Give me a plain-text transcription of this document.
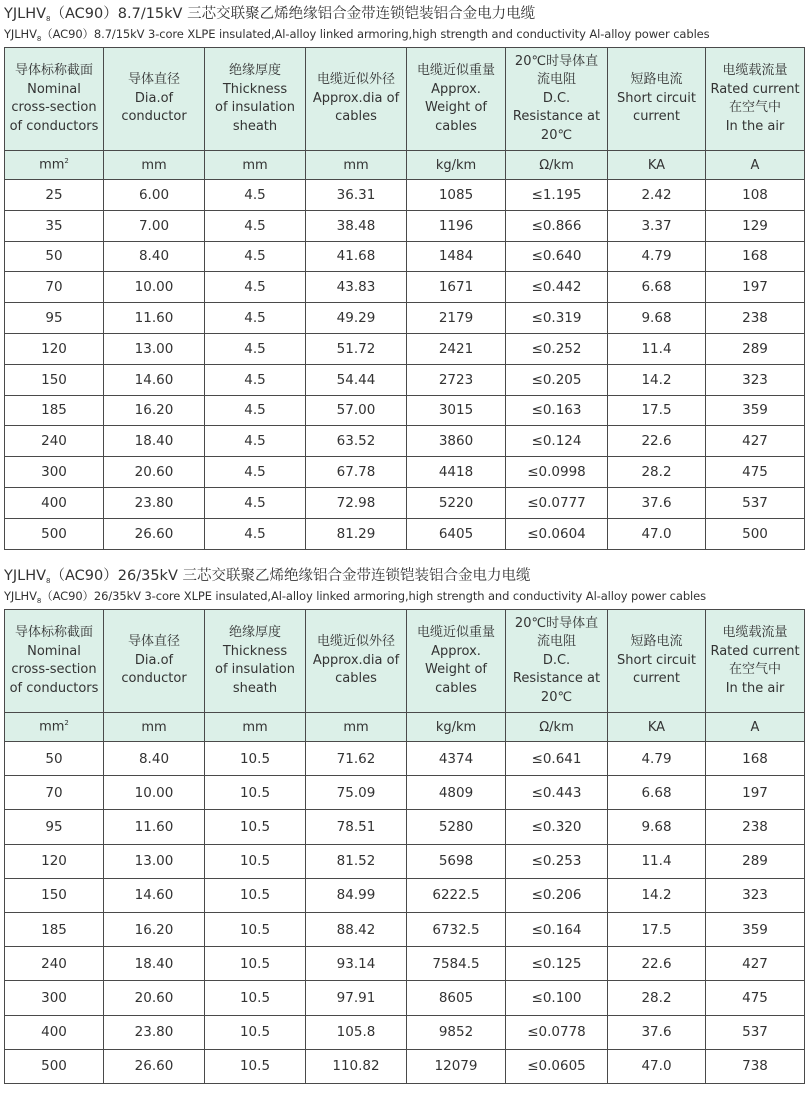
$YJLHV_8(AC90)8.7/15kV$ 三芯交联聚乙烯绝缘铝合金带连锁铠装铝合金电力电缆
$YJLHV_8(AC90)8.7/15kV$ 3-core XLPE insulated,Al-alloy linked armoring,high strength and conductivity Al-alloy power cables
导体标称截面
Nominal
cross-section
of conductors	导体直径
Dia.of
conductor	绝缘厚度
Thickness
of insulation
sheath	电缆近似外径
Approx.dia of
cables	电缆近似重量
Approx.
Weight of
cables	20℃时导体直
流电阻
D.C.
Resistance at
20℃	短路电流
Short circuit
current	电缆载流量
Rated current
在空气中
In the air

$mm^2$	mm	mm	mm	kg/km	Ω/km	KA	A
25	6.00	4.5	36.31	1085	≤1.195	2.42	108
35	7.00	4.5	38.48	1196	≤0.866	3.37	129
50	8.40	4.5	41.68	1484	≤0.640	4.79	168
70	10.00	4.5	43.83	1671	≤0.442	6.68	197
95	11.60	4.5	49.29	2179	≤0.319	9.68	238
120	13.00	4.5	51.72	2421	≤0.252	11.4	289
150	14.60	4.5	54.44	2723	≤0.205	14.2	323
185	16.20	4.5	57.00	3015	≤0.163	17.5	359
240	18.40	4.5	63.52	3860	≤0.124	22.6	427
300	20.60	4.5	67.78	4418	≤0.0998	28.2	475
400	23.80	4.5	72.98	5220	≤0.0777	37.6	537
500	26.60	4.5	81.29	6405	≤0.0604	47.0	500
$YJLHV_8(AC90)26/35kV$ 三芯交联聚乙烯绝缘铝合金带连锁铠装铝合金电力电缆
$YJLHV_8(AC90)26/35kV$ 3-core XLPE insulated,Al-alloy linked armoring,high strength and conductivity Al-alloy power cables
导体标称截面
Nominal
cross-section
of conductors	导体直径
Dia.of
conductor	绝缘厚度
Thickness
of insulation
sheath	电缆近似外径
Approx.dia of
cables	电缆近似重量
Approx.
Weight of
cables	20℃时导体直
流电阻
D.C.
Resistance at
20℃	短路电流
Short circuit
current	电缆载流量
Rated current
在空气中
In the air

$mm^2$	mm	mm	mm	kg/km	Ω/km	KA	A
50	8.40	10.5	71.62	4374	≤0.641	4.79	168
70	10.00	10.5	75.09	4809	≤0.443	6.68	197
95	11.60	10.5	78.51	5280	≤0.320	9.68	238
120	13.00	10.5	81.52	5698	≤0.253	11.4	289
150	14.60	10.5	84.99	6222.5	≤0.206	14.2	323
185	16.20	10.5	88.42	6732.5	≤0.164	17.5	359
240	18.40	10.5	93.14	7584.5	≤0.125	22.6	427
300	20.60	10.5	97.91	8605	≤0.100	28.2	475
400	23.80	10.5	105.8	9852	≤0.0778	37.6	537
500	26.60	10.5	110.82	12079	≤0.0605	47.0	738
